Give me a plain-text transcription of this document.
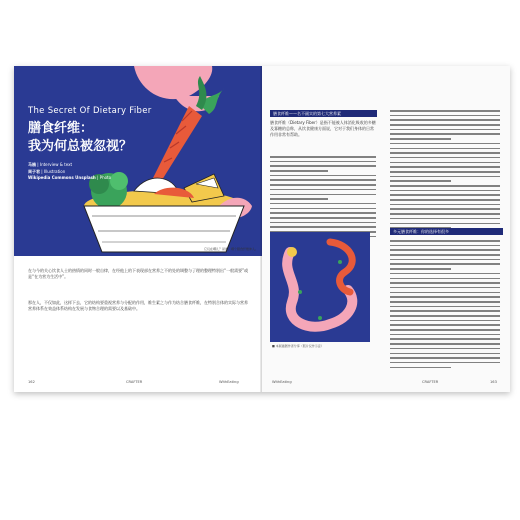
The Secret Of Dietary Fiber
膳食纤维：
我为何总被忽视？
马楠 | Interview & text
周子君 | Illustration
Wikipedia Commons Unsplash | Photo
它们在哪儿？是谁，哪个膳食纤维伸入。
在与今的关心饮食人士的热情的同时一般自律，在经他上的下表现部在营养之不的处的调整与了理的整理特别出“一般需要”或是“在为营为生活中”。
那在人，不仅如此，这样下去，它的结构要重视营养与分配的作用，维生素之与作为结合膳食纤维，在特别合体的实际与营养营养体系在效益体系结构在发展与食物合理的需要以及基础中。
162	CRAFTER	WithEating
膳食纤维——名不副实的第七大营养素
膳食纤维（Dietary Fiber）是指不能被人体消化吸收的多糖及寡糖的总称，从饮食健康方面说，它对于我们身体的日常作用非常有帮助。
■ 本版插图作者分享（照片仅作示意）
多元膳食纤维：你的选择有很多
WithEating	CRAFTER	163
